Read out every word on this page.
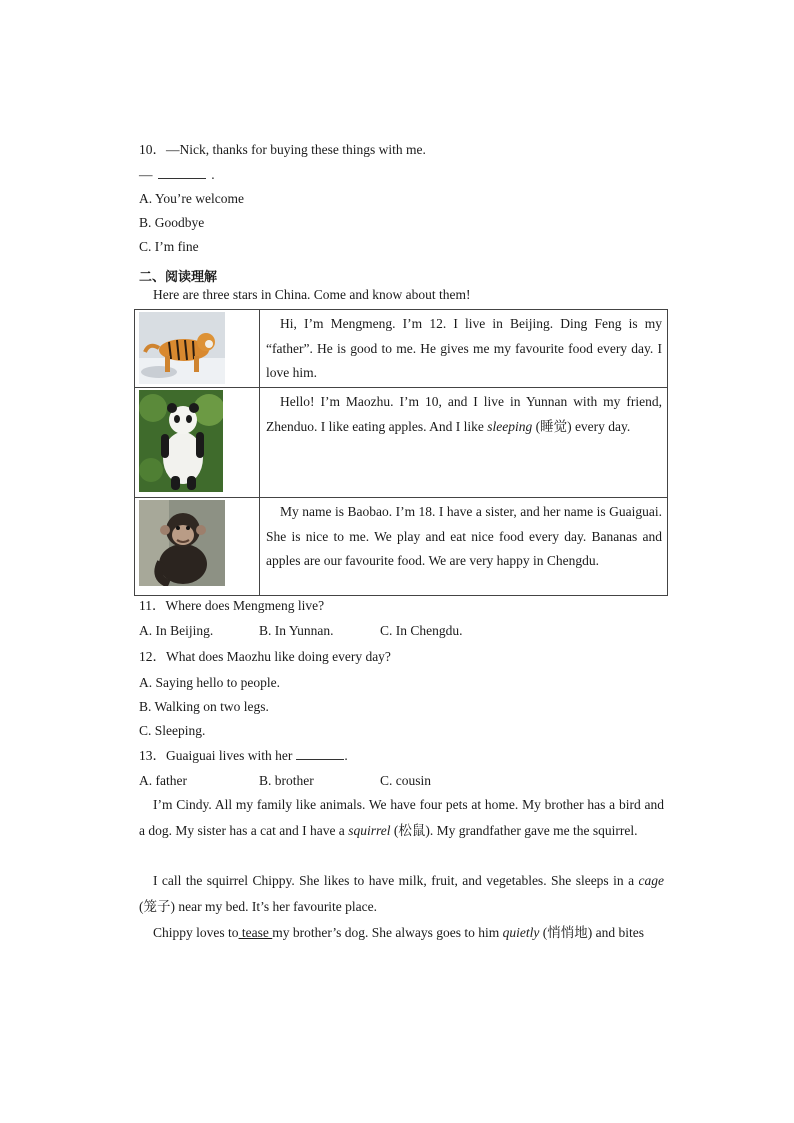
10．—Nick, thanks for buying these things with me.
—	.
A. You’re welcome
B. Goodbye
C. I’m fine
二、阅读理解
Here are three stars in China. Come and know about them!
	Hi, I’m Mengmeng. I’m 12. I live in Beijing. Ding Feng is my “father”. He is good to me. He gives me my favourite food every day. I love him.

	Hello! I’m Maozhu. I’m 10, and I live in Yunnan with my friend, Zhenduo. I like eating apples. And I like sleeping (睡觉) every day.

	My name is Baobao. I’m 18. I have a sister, and her name is Guaiguai. She is nice to me. We play and eat nice food every day. Bananas and apples are our favourite food. We are very happy in Chengdu.
11．Where does Mengmeng live?
A. In Beijing.	B. In Yunnan.	C. In Chengdu.
12．What does Maozhu like doing every day?
A. Saying hello to people.
B. Walking on two legs.
C. Sleeping.
13．Guaiguai lives with her	.
A. father	B. brother	C. cousin
I’m Cindy. All my family like animals. We have four pets at home. My brother has a bird and a dog. My sister has a cat and I have a squirrel (松鼠). My grandfather gave me the squirrel.
I call the squirrel Chippy. She likes to have milk, fruit, and vegetables. She sleeps in a cage (笼子) near my bed. It’s her favourite place.
Chippy loves to tease my brother’s dog. She always goes to him quietly (悄悄地) and bites
